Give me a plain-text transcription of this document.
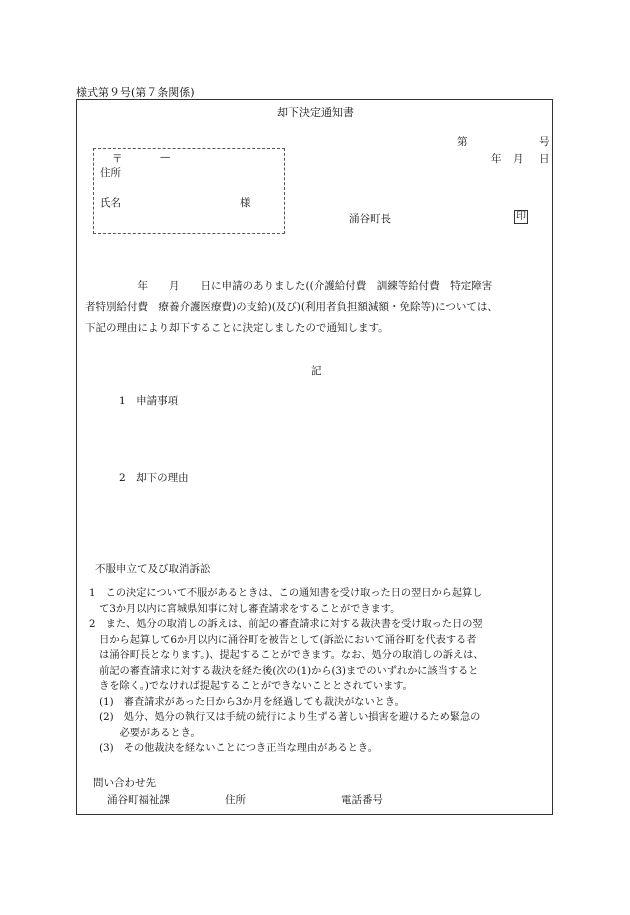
様式第９号(第７条関係)
却下決定通知書
第	号
年 月 日
〒	—
住所
氏名	様
涌谷町長	印
　　　　　年　　月　　日に申請のありました((介護給付費　訓練等給付費　特定障害
者特別給付費　療養介護医療費)の支給)(及び)(利用者負担額減額・免除等)については、
下記の理由により却下することに決定しましたので通知します。
記
1　申請事項
2　却下の理由
不服申立て及び取消訴訟
1　この決定について不服があるときは、この通知書を受け取った日の翌日から起算し
　て3か月以内に宮城県知事に対し審査請求をすることができます。
2　また、処分の取消しの訴えは、前記の審査請求に対する裁決書を受け取った日の翌
　日から起算して6か月以内に涌谷町を被告として(訴訟において涌谷町を代表する者
　は涌谷町長となります。)、提起することができます。なお、処分の取消しの訴えは、
　前記の審査請求に対する裁決を経た後(次の(1)から(3)までのいずれかに該当すると
　きを除く。)でなければ提起することができないこととされています。
　(1)　審査請求があった日から3か月を経過しても裁決がないとき。
　(2)　処分、処分の執行又は手続の続行により生ずる著しい損害を避けるため緊急の
　　　必要があるとき。
　(3)　その他裁決を経ないことにつき正当な理由があるとき。
問い合わせ先
涌谷町福祉課	住所	電話番号
